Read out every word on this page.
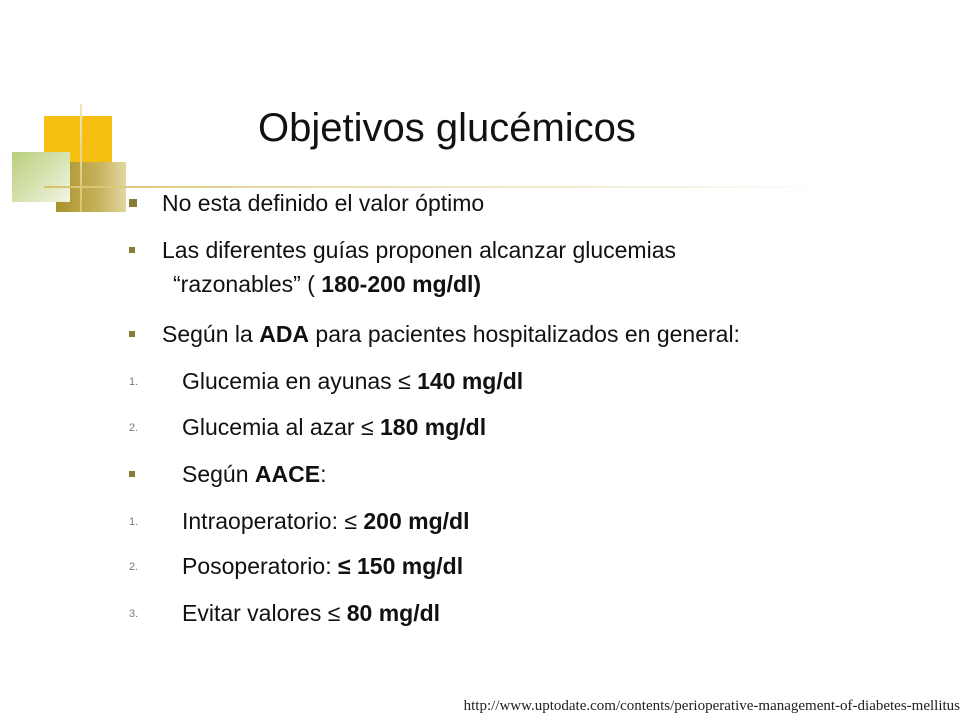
Objetivos glucémicos
No esta definido el valor óptimo
Las diferentes guías proponen alcanzar glucemias
“razonables” ( 180-200 mg/dl)
Según la ADA para pacientes hospitalizados en general:
1. Glucemia en ayunas ≤ 140 mg/dl
2. Glucemia al azar ≤ 180 mg/dl
Según AACE:
1. Intraoperatorio: ≤ 200 mg/dl
2. Posoperatorio: ≤ 150 mg/dl
3. Evitar valores ≤ 80 mg/dl
http://www.uptodate.com/contents/perioperative-management-of-diabetes-mellitus
